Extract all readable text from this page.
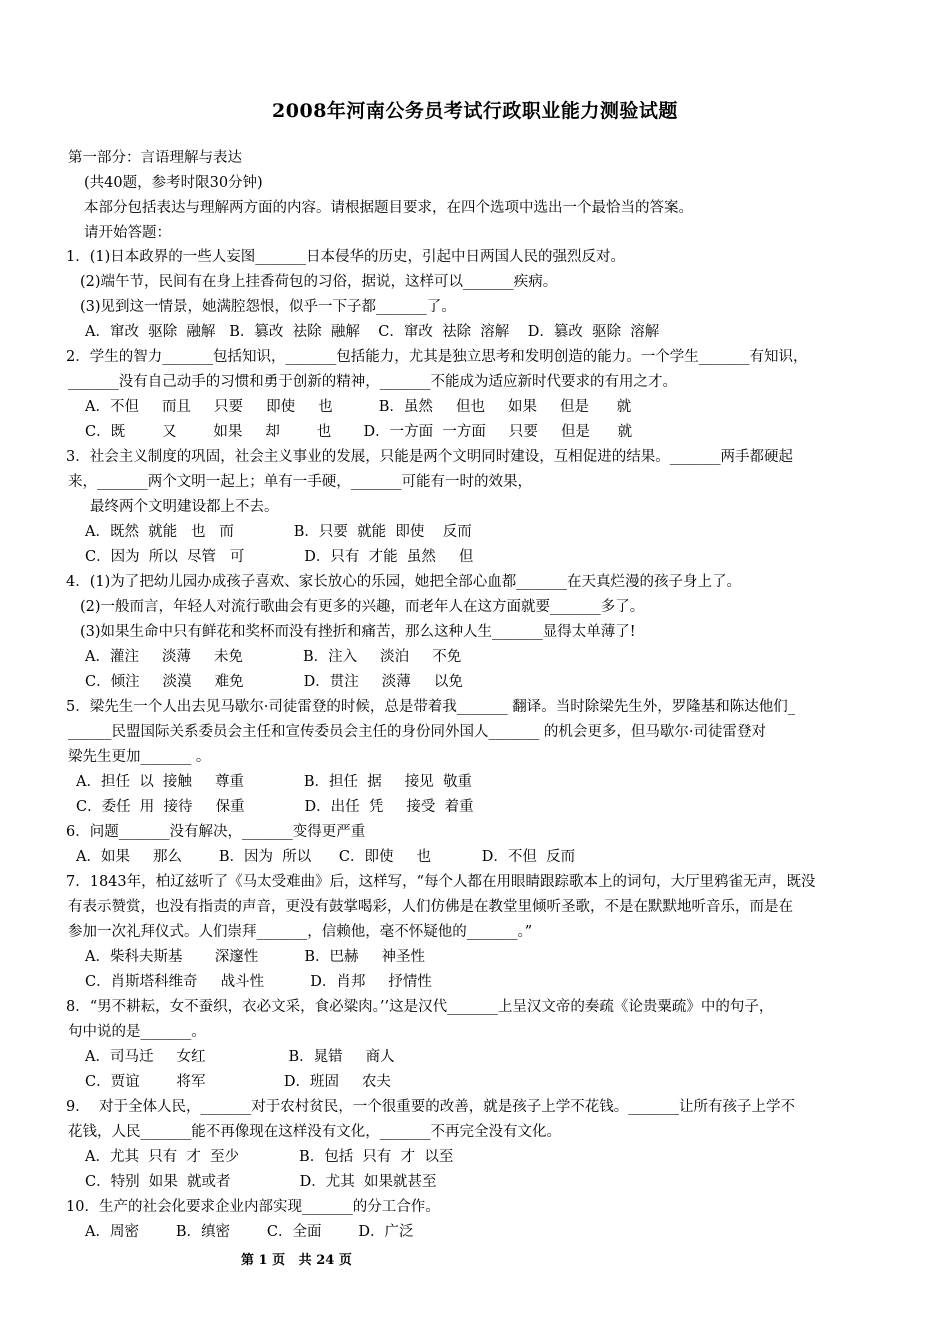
2008年河南公务员考试行政职业能力测验试题
第一部分：言语理解与表达
(共40题，参考时限30分钟)
本部分包括表达与理解两方面的内容。请根据题目要求，在四个选项中选出一个最恰当的答案。
请开始答题：
1．(1)日本政界的一些人妄图_______日本侵华的历史，引起中日两国人民的强烈反对。
(2)端午节，民间有在身上挂香荷包的习俗，据说，这样可以_______疾病。
(3)见到这一情景，她满腔怨恨，似乎一下子都_______了。
A．窜改  驱除  融解   B．篡改  祛除  融解    C．窜改  祛除  溶解    D．篡改  驱除  溶解
2．学生的智力_______包括知识，_______包括能力，尤其是独立思考和发明创造的能力。一个学生_______有知识，
_______没有自己动手的习惯和勇于创新的精神，_______不能成为适应新时代要求的有用之才。
A．不但     而且     只要     即使     也          B．虽然     但也     如果     但是      就
C．既        又        如果     却        也       D．一方面  一方面     只要     但是      就
3．社会主义制度的巩固，社会主义事业的发展，只能是两个文明同时建设，互相促进的结果。_______两手都硬起
来，_______两个文明一起上；单有一手硬，_______可能有一时的效果，
最终两个文明建设都上不去。
A．既然  就能   也   而             B．只要  就能  即使    反而
C．因为  所以  尽管   可             D．只有  才能  虽然     但
4．(1)为了把幼儿园办成孩子喜欢、家长放心的乐园，她把全部心血都_______在天真烂漫的孩子身上了。
(2)一般而言，年轻人对流行歌曲会有更多的兴趣，而老年人在这方面就要_______多了。
(3)如果生命中只有鲜花和奖杯而没有挫折和痛苦，那么这种人生_______显得太单薄了!
A．灌注     淡薄     未免             B．注入     淡泊     不免
C．倾注     淡漠     难免             D．贯注     淡薄     以免
5．梁先生一个人出去见马歇尔·司徒雷登的时候，总是带着我_______ 翻译。当时除梁先生外，罗隆基和陈达他们_
______民盟国际关系委员会主任和宣传委员会主任的身份同外国人_______ 的机会更多，但马歇尔·司徒雷登对
梁先生更加_______ 。
A．担任  以  接触     尊重             B．担任  据     接见  敬重
C．委任  用  接待     保重             D．出任  凭     接受  着重
6．问题_______没有解决，_______变得更严重
A．如果     那么        B．因为  所以      C．即使     也           D．不但  反而
7．1843年，柏辽兹听了《马太受难曲》后，这样写，“每个人都在用眼睛跟踪歌本上的词句，大厅里鸦雀无声，既没
有表示赞赏，也没有指责的声音，更没有鼓掌喝彩，人们仿佛是在教堂里倾听圣歌，不是在默默地听音乐，而是在
参加一次礼拜仪式。人们崇拜_______，信赖他，毫不怀疑他的_______。”
A．柴科夫斯基       深邃性          B．巴赫     神圣性
C．肖斯塔科维奇     战斗性          D．肖邦     抒情性
8．“男不耕耘，女不蚕织，衣必文采，食必粱肉。’’这是汉代_______上呈汉文帝的奏疏《论贵粟疏》中的句子，
句中说的是_______。
A．司马迁     女红                  B．晁错     商人
C．贾谊        将军                 D．班固     农夫
9．  对于全体人民，_______对于农村贫民，一个很重要的改善，就是孩子上学不花钱。_______让所有孩子上学不
花钱，人民_______能不再像现在这样没有文化，_______不再完全没有文化。
A．尤其  只有  才  至少             B．包括  只有  才  以至
C．特别  如果  就或者               D．尤其  如果就甚至
10．生产的社会化要求企业内部实现_______的分工合作。
A．周密        B．缜密        C．全面        D．广泛
第 1 页   共 24 页
